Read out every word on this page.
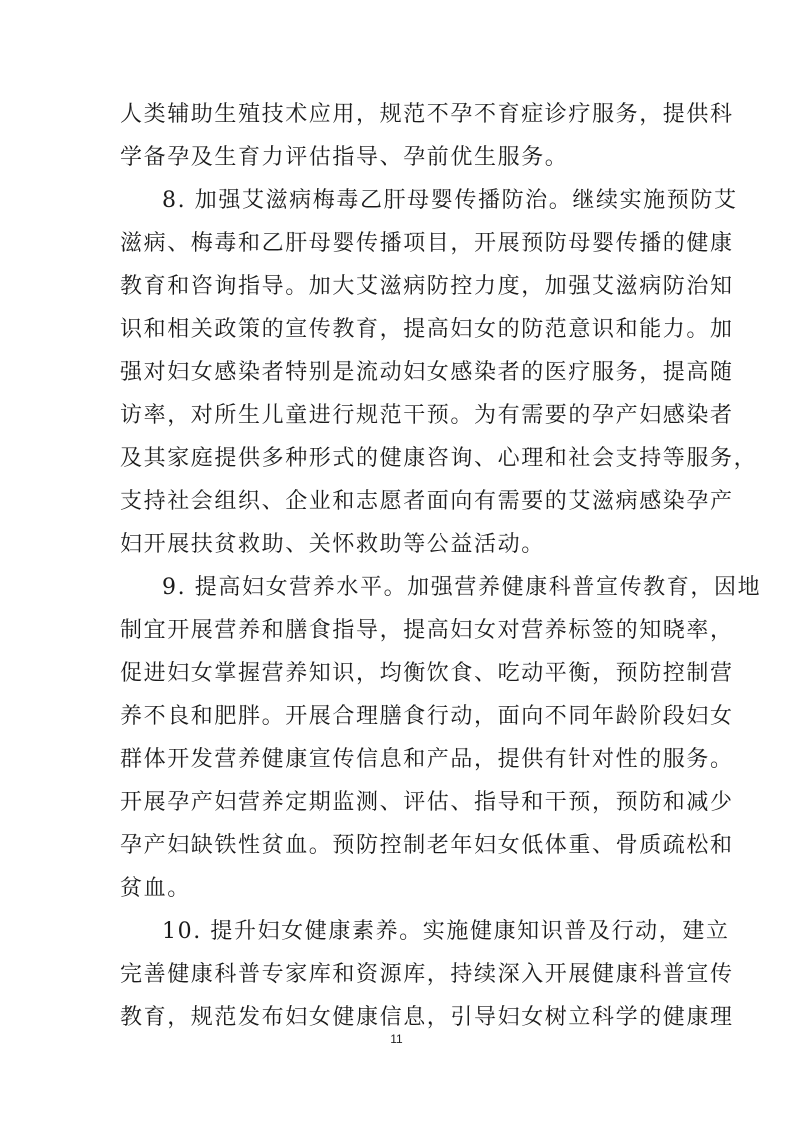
人类辅助生殖技术应用，规范不孕不育症诊疗服务，提供科
学备孕及生育力评估指导、孕前优生服务。
8. 加强艾滋病梅毒乙肝母婴传播防治。继续实施预防艾
滋病、梅毒和乙肝母婴传播项目，开展预防母婴传播的健康
教育和咨询指导。加大艾滋病防控力度，加强艾滋病防治知
识和相关政策的宣传教育，提高妇女的防范意识和能力。加
强对妇女感染者特别是流动妇女感染者的医疗服务，提高随
访率，对所生儿童进行规范干预。为有需要的孕产妇感染者
及其家庭提供多种形式的健康咨询、心理和社会支持等服务，
支持社会组织、企业和志愿者面向有需要的艾滋病感染孕产
妇开展扶贫救助、关怀救助等公益活动。
9. 提高妇女营养水平。加强营养健康科普宣传教育，因地
制宜开展营养和膳食指导，提高妇女对营养标签的知晓率，
促进妇女掌握营养知识，均衡饮食、吃动平衡，预防控制营
养不良和肥胖。开展合理膳食行动，面向不同年龄阶段妇女
群体开发营养健康宣传信息和产品，提供有针对性的服务。
开展孕产妇营养定期监测、评估、指导和干预，预防和减少
孕产妇缺铁性贫血。预防控制老年妇女低体重、骨质疏松和
贫血。
10. 提升妇女健康素养。实施健康知识普及行动，建立
完善健康科普专家库和资源库，持续深入开展健康科普宣传
教育，规范发布妇女健康信息，引导妇女树立科学的健康理
11
